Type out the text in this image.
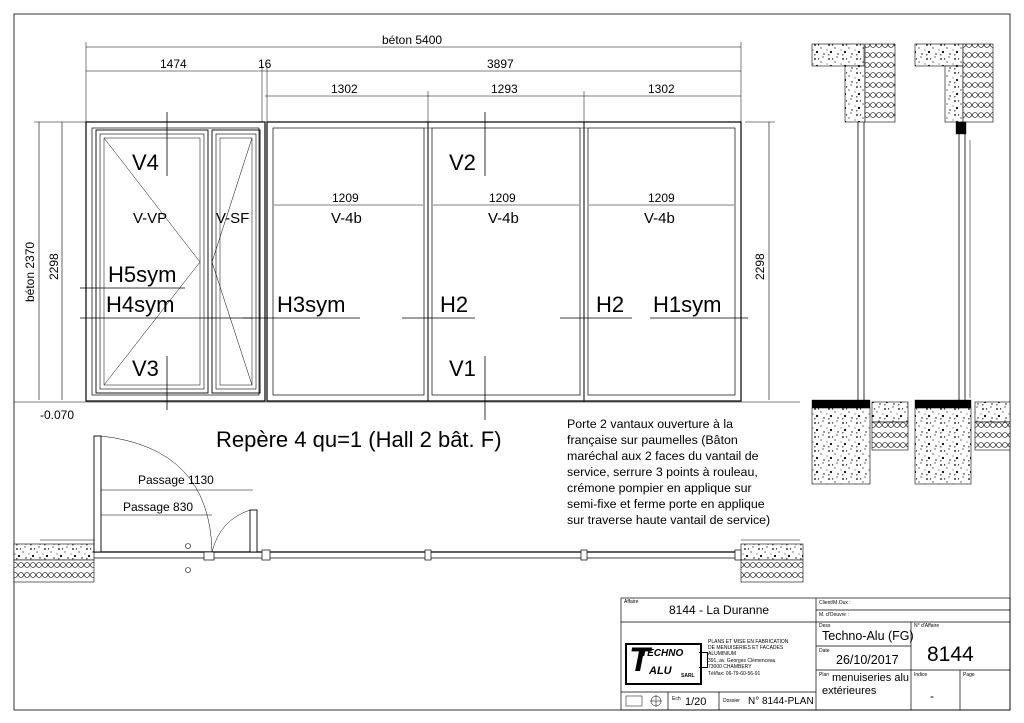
béton 5400
1474	16	3897
1302	1293	1302
1209	1209	1209
béton 2370 2298	2298
-0.070
V4
V3
V2
V1
V-VP	V-SF	V-4b	V-4b	V-4b
H5sym
H4sym	H3sym	H2	H2 H1sym
Repère 4 qu=1 (Hall 2 bât. F)
Porte 2 vantaux ouverture à la
française sur paumelles (Bâton
maréchal aux 2 faces du vantail de
service, serrure 3 points à rouleau,
crémone pompier en applique sur
semi-fixe et ferme porte en applique
sur traverse haute vantail de service)
Passage 1130
Passage 830
Affaire
8144 - La Duranne	Client/M.Oux :
M. d'Oeuvre :
Dess
Techno-Alu (FG)
Date
26/10/2017
Plan menuiseries alu
extérieures
N° d'Affaire
8144
Indice
-
Page
PLANS ET MISE EN FABRICATION
DE MENUISERIES ET FACADES
ALUMINIUM
391, av. Georges Clémenceau
73000 CHAMBERY
Tél/fax: 06-79-60-56-91
TECHNO
T ALU SARL
Ech 1/20	Dossier N° 8144-PLAN
